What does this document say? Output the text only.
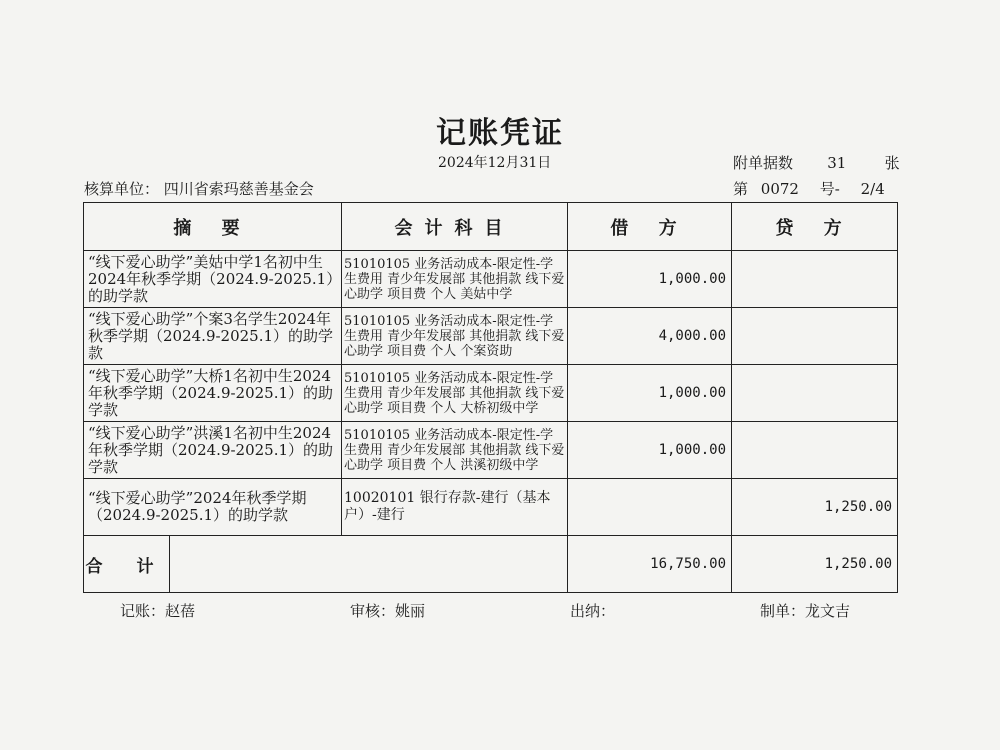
记账凭证
2024年12月31日	附单据数 31	张
核算单位： 四川省索玛慈善基金会	第 0072 号- 2/4
摘 要		会计科目	借 方	贷 方
“线下爱心助学”美姑中学1名初中生2024年秋季学期（2024.9-2025.1）的助学款		51010105 业务活动成本-限定性-学生费用 青少年发展部 其他捐款 线下爱心助学 项目费 个人 美姑中学	1,000.00	
“线下爱心助学”个案3名学生2024年秋季学期（2024.9-2025.1）的助学款		51010105 业务活动成本-限定性-学生费用 青少年发展部 其他捐款 线下爱心助学 项目费 个人 个案资助	4,000.00	
“线下爱心助学”大桥1名初中生2024年秋季学期（2024.9-2025.1）的助学款		51010105 业务活动成本-限定性-学生费用 青少年发展部 其他捐款 线下爱心助学 项目费 个人 大桥初级中学	1,000.00	
“线下爱心助学”洪溪1名初中生2024年秋季学期（2024.9-2025.1）的助学款		51010105 业务活动成本-限定性-学生费用 青少年发展部 其他捐款 线下爱心助学 项目费 个人 洪溪初级中学	1,000.00	
“线下爱心助学”2024年秋季学期（2024.9-2025.1）的助学款		10020101 银行存款-建行（基本户）-建行		1,250.00
合 计			16,750.00	1,250.00
记账：赵蓓	审核：姚丽	出纳：	制单：龙文吉
